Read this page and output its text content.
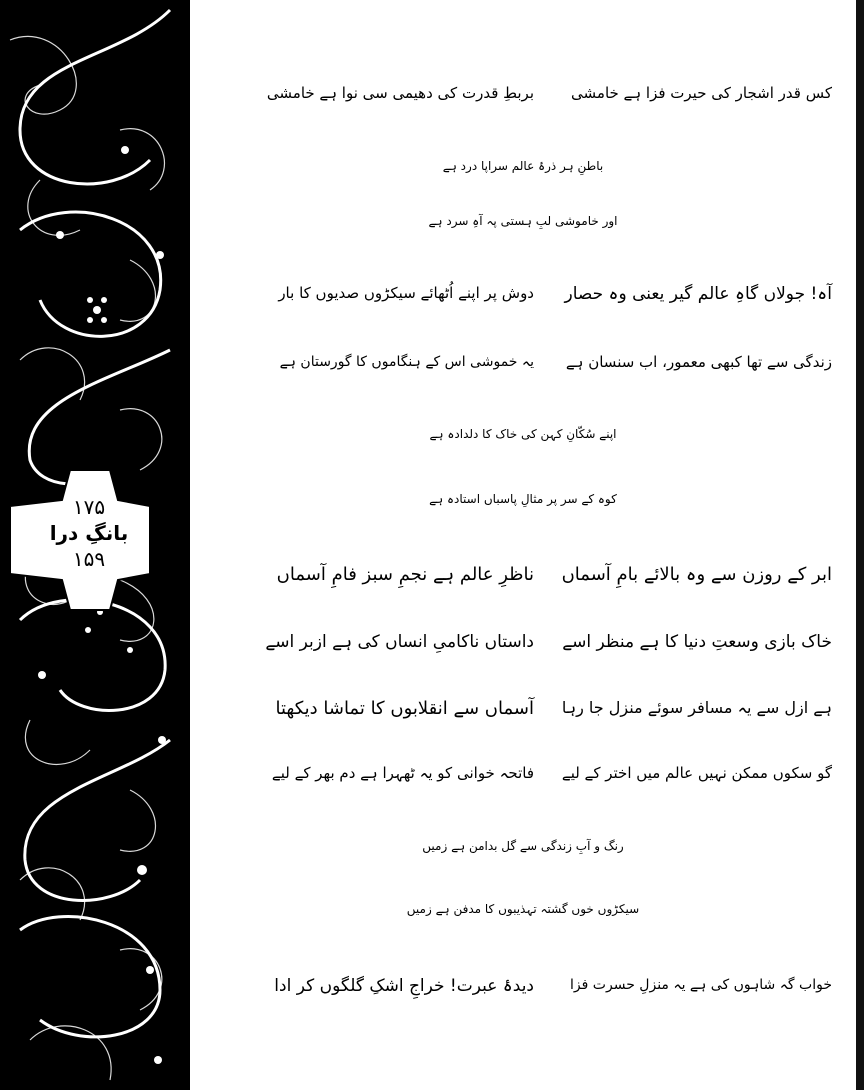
۱۷۵
بانگِ درا
۱۵۹
کس قدر اشجار کی حیرت فزا ہے خامشی
بربطِ قدرت کی دھیمی سی نوا ہے خامشی
باطنِ ہر ذرۂ عالم سراپا درد ہے
اور خاموشی لبِ ہستی پہ آہِ سرد ہے
آہ! جولاں گاہِ عالم گیر یعنی وہ حصار
دوش پر اپنے اُٹھائے سیکڑوں صدیوں کا بار
زندگی سے تھا کبھی معمور، اب سنسان ہے
یہ خموشی اس کے ہنگاموں کا گورستان ہے
اپنے سُکّانِ کہن کی خاک کا دلدادہ ہے
کوہ کے سر پر مثالِ پاسباں استادہ ہے
ابر کے روزن سے وہ بالائے بامِ آسماں
ناظرِ عالم ہے نجمِ سبز فامِ آسماں
خاک بازی وسعتِ دنیا کا ہے منظر اسے
داستاں ناکامیِ انساں کی ہے ازبر اسے
ہے ازل سے یہ مسافر سوئے منزل جا رہا
آسماں سے انقلابوں کا تماشا دیکھتا
گو سکوں ممکن نہیں عالم میں اختر کے لیے
فاتحہ خوانی کو یہ ٹھہرا ہے دم بھر کے لیے
رنگ و آبِ زندگی سے گل بدامن ہے زمیں
سیکڑوں خوں گشتہ تہذیبوں کا مدفن ہے زمیں
خواب گہ شاہوں کی ہے یہ منزلِ حسرت فزا
دیدۂ عبرت! خراجِ اشکِ گلگوں کر ادا
